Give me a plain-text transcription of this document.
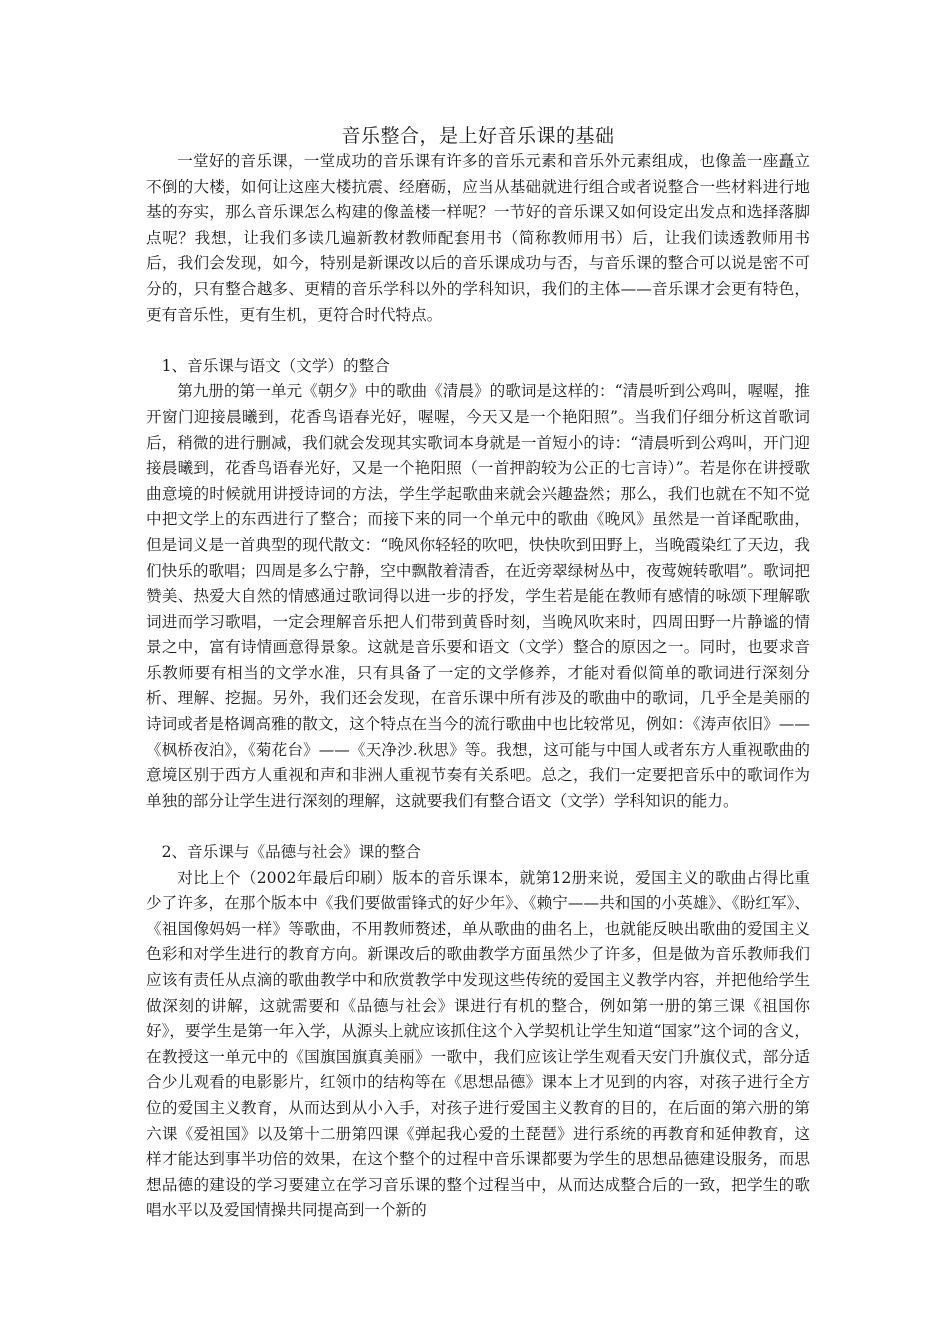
音乐整合，是上好音乐课的基础

一堂好的音乐课，一堂成功的音乐课有许多的音乐元素和音乐外元素组成，也像盖一座矗立不倒的大楼，如何让这座大楼抗震、经磨砺，应当从基础就进行组合或者说整合一些材料进行地基的夯实，那么音乐课怎么构建的像盖楼一样呢？一节好的音乐课又如何设定出发点和选择落脚点呢？我想，让我们多读几遍新教材教师配套用书（简称教师用书）后，让我们读透教师用书后，我们会发现，如今，特别是新课改以后的音乐课成功与否，与音乐课的整合可以说是密不可分的，只有整合越多、更精的音乐学科以外的学科知识，我们的主体——音乐课才会更有特色，更有音乐性，更有生机，更符合时代特点。

1、音乐课与语文（文学）的整合

第九册的第一单元《朝夕》中的歌曲《清晨》的歌词是这样的：“清晨听到公鸡叫，喔喔，推开窗门迎接晨曦到，花香鸟语春光好，喔喔，今天又是一个艳阳照”。当我们仔细分析这首歌词后，稍微的进行删减，我们就会发现其实歌词本身就是一首短小的诗：“清晨听到公鸡叫，开门迎接晨曦到，花香鸟语春光好，又是一个艳阳照（一首押韵较为公正的七言诗）”。若是你在讲授歌曲意境的时候就用讲授诗词的方法，学生学起歌曲来就会兴趣盎然；那么，我们也就在不知不觉中把文学上的东西进行了整合；而接下来的同一个单元中的歌曲《晚风》虽然是一首译配歌曲，但是词义是一首典型的现代散文：“晚风你轻轻的吹吧，快快吹到田野上，当晚霞染红了天边，我们快乐的歌唱；四周是多么宁静，空中飘散着清香，在近旁翠绿树丛中，夜莺婉转歌唱”。歌词把赞美、热爱大自然的情感通过歌词得以进一步的抒发，学生若是能在教师有感情的咏颂下理解歌词进而学习歌唱，一定会理解音乐把人们带到黄昏时刻，当晚风吹来时，四周田野一片静谧的情景之中，富有诗情画意得景象。这就是音乐要和语文（文学）整合的原因之一。同时，也要求音乐教师要有相当的文学水准，只有具备了一定的文学修养，才能对看似简单的歌词进行深刻分析、理解、挖掘。另外，我们还会发现，在音乐课中所有涉及的歌曲中的歌词，几乎全是美丽的诗词或者是格调高雅的散文，这个特点在当今的流行歌曲中也比较常见，例如：《涛声依旧》——《枫桥夜泊》，《菊花台》——《天净沙.秋思》等。我想，这可能与中国人或者东方人重视歌曲的意境区别于西方人重视和声和非洲人重视节奏有关系吧。总之，我们一定要把音乐中的歌词作为单独的部分让学生进行深刻的理解，这就要我们有整合语文（文学）学科知识的能力。

2、音乐课与《品德与社会》课的整合

对比上个（2002年最后印刷）版本的音乐课本，就第12册来说，爱国主义的歌曲占得比重少了许多，在那个版本中《我们要做雷锋式的好少年》、《赖宁——共和国的小英雄》、《盼红军》、《祖国像妈妈一样》等歌曲，不用教师赘述，单从歌曲的曲名上，也就能反映出歌曲的爱国主义色彩和对学生进行的教育方向。新课改后的歌曲教学方面虽然少了许多，但是做为音乐教师我们应该有责任从点滴的歌曲教学中和欣赏教学中发现这些传统的爱国主义教学内容，并把他给学生做深刻的讲解，这就需要和《品德与社会》课进行有机的整合，例如第一册的第三课《祖国你好》，要学生是第一年入学，从源头上就应该抓住这个入学契机让学生知道“国家”这个词的含义，在教授这一单元中的《国旗国旗真美丽》一歌中，我们应该让学生观看天安门升旗仪式，部分适合少儿观看的电影影片，红领巾的结构等在《思想品德》课本上才见到的内容，对孩子进行全方位的爱国主义教育，从而达到从小入手，对孩子进行爱国主义教育的目的，在后面的第六册的第六课《爱祖国》以及第十二册第四课《弹起我心爱的土琵琶》进行系统的再教育和延伸教育，这样才能达到事半功倍的效果，在这个整个的过程中音乐课都要为学生的思想品德建设服务，而思想品德的建设的学习要建立在学习音乐课的整个过程当中，从而达成整合后的一致，把学生的歌唱水平以及爱国情操共同提高到一个新的
